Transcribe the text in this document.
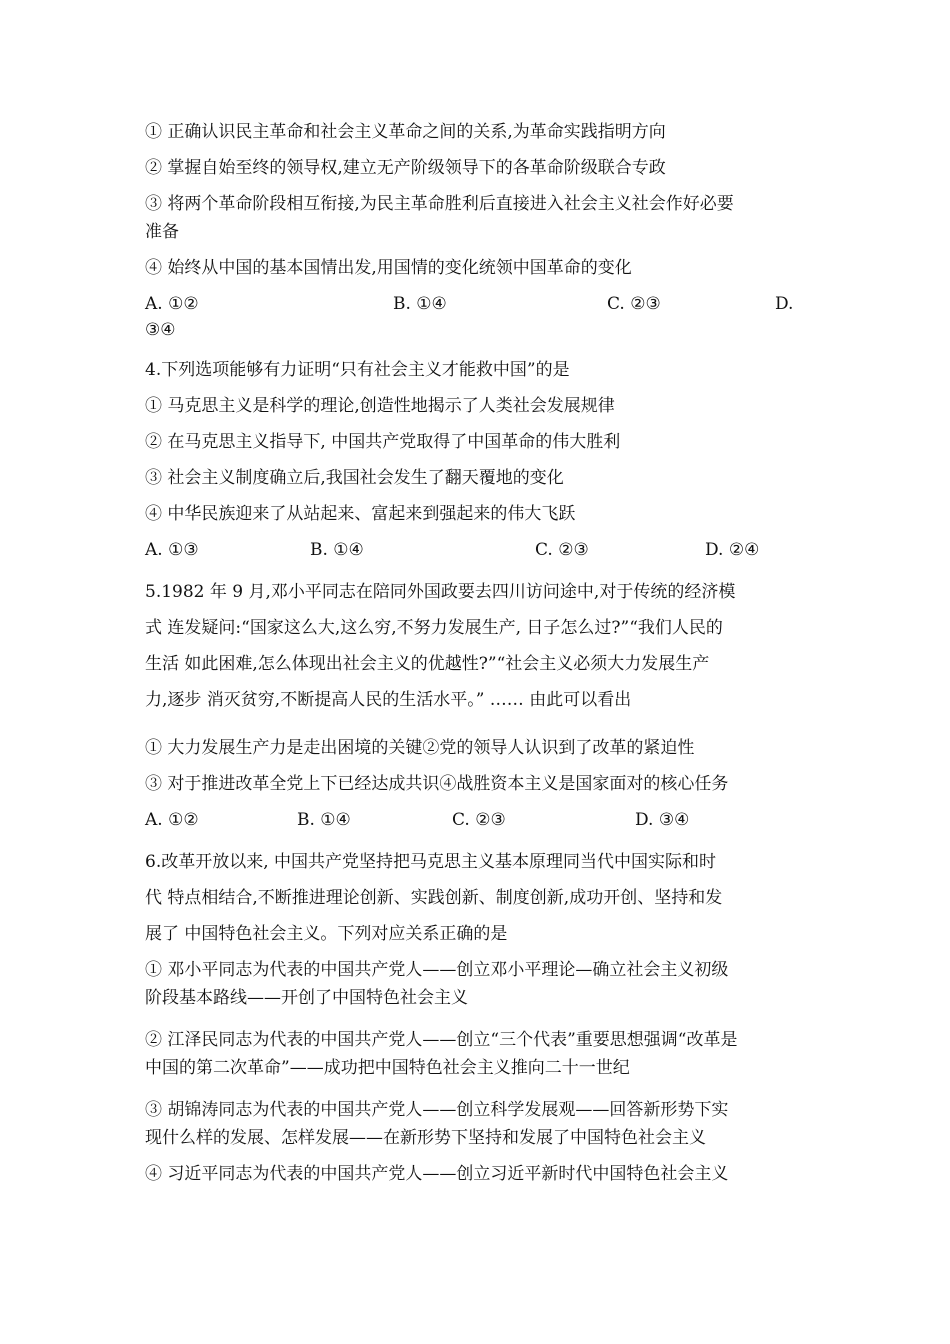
① 正确认识民主革命和社会主义革命之间的关系,为革命实践指明方向

② 掌握自始至终的领导权,建立无产阶级领导下的各革命阶级联合专政

③ 将两个革命阶段相互衔接,为民主革命胜利后直接进入社会主义社会作好必要

准备

④ 始终从中国的基本国情出发,用国情的变化统领中国革命的变化

A. ①②	B. ①④	C. ②③	D.

③④

4.下列选项能够有力证明“只有社会主义才能救中国”的是

① 马克思主义是科学的理论,创造性地揭示了人类社会发展规律

② 在马克思主义指导下, 中国共产党取得了中国革命的伟大胜利

③ 社会主义制度确立后,我国社会发生了翻天覆地的变化

④ 中华民族迎来了从站起来、富起来到强起来的伟大飞跃

A. ①③	B. ①④	C. ②③	D. ②④

5.1982 年 9 月,邓小平同志在陪同外国政要去四川访问途中,对于传统的经济模

式 连发疑问:“国家这么大,这么穷,不努力发展生产, 日子怎么过?”“我们人民的

生活 如此困难,怎么体现出社会主义的优越性?”“社会主义必须大力发展生产

力,逐步 消灭贫穷,不断提高人民的生活水平。” …… 由此可以看出

① 大力发展生产力是走出困境的关键②党的领导人认识到了改革的紧迫性

③ 对于推进改革全党上下已经达成共识④战胜资本主义是国家面对的核心任务

A. ①②	B. ①④	C. ②③	D. ③④

6.改革开放以来, 中国共产党坚持把马克思主义基本原理同当代中国实际和时

代 特点相结合,不断推进理论创新、实践创新、制度创新,成功开创、坚持和发

展了 中国特色社会主义。下列对应关系正确的是

① 邓小平同志为代表的中国共产党人——创立邓小平理论—确立社会主义初级

阶段基本路线——开创了中国特色社会主义

② 江泽民同志为代表的中国共产党人——创立“三个代表”重要思想强调“改革是

中国的第二次革命”——成功把中国特色社会主义推向二十一世纪

③ 胡锦涛同志为代表的中国共产党人——创立科学发展观——回答新形势下实

现什么样的发展、怎样发展——在新形势下坚持和发展了中国特色社会主义

④ 习近平同志为代表的中国共产党人——创立习近平新时代中国特色社会主义
